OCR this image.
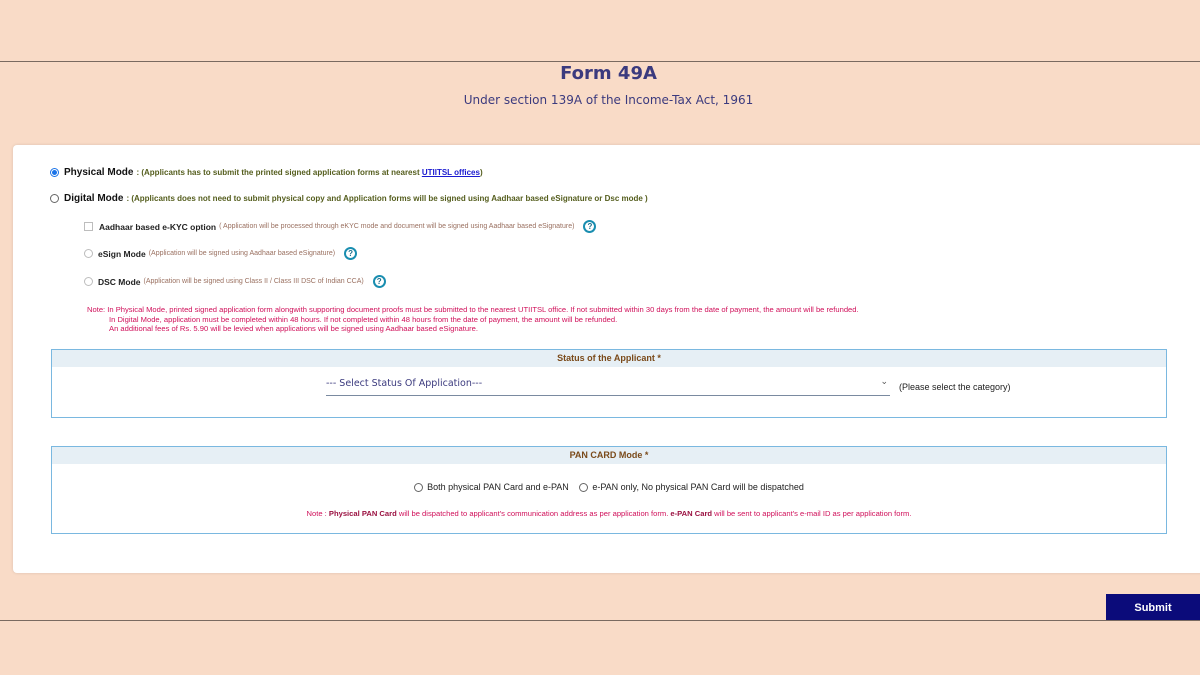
Form 49A
Under section 139A of the Income-Tax Act, 1961
Physical Mode : (Applicants has to submit the printed signed application forms at nearest UTIITSL offices)
Digital Mode : (Applicants does not need to submit physical copy and Application forms will be signed using Aadhaar based eSignature or Dsc mode )
Aadhaar based e-KYC option ( Application will be processed through eKYC mode and document will be signed using Aadhaar based eSignature)	?
eSign Mode (Application will be signed using Aadhaar based eSignature)	?
DSC Mode (Application will be signed using Class II / Class III DSC of Indian CCA)	?
Note: In Physical Mode, printed signed application form alongwith supporting document proofs must be submitted to the nearest UTIITSL office. If not submitted within 30 days from the date of payment, the amount will be refunded.
In Digital Mode, application must be completed within 48 hours. If not completed within 48 hours from the date of payment, the amount will be refunded.
An additional fees of Rs. 5.90 will be levied when applications will be signed using Aadhaar based eSignature.
Status of the Applicant *
--- Select Status Of Application---	⌄ (Please select the category)
PAN CARD Mode *
Both physical PAN Card and e-PAN
	e-PAN only, No physical PAN Card will be dispatched
Note : Physical PAN Card will be dispatched to applicant's communication address as per application form. e-PAN Card will be sent to applicant's e-mail ID as per application form.
Submit
